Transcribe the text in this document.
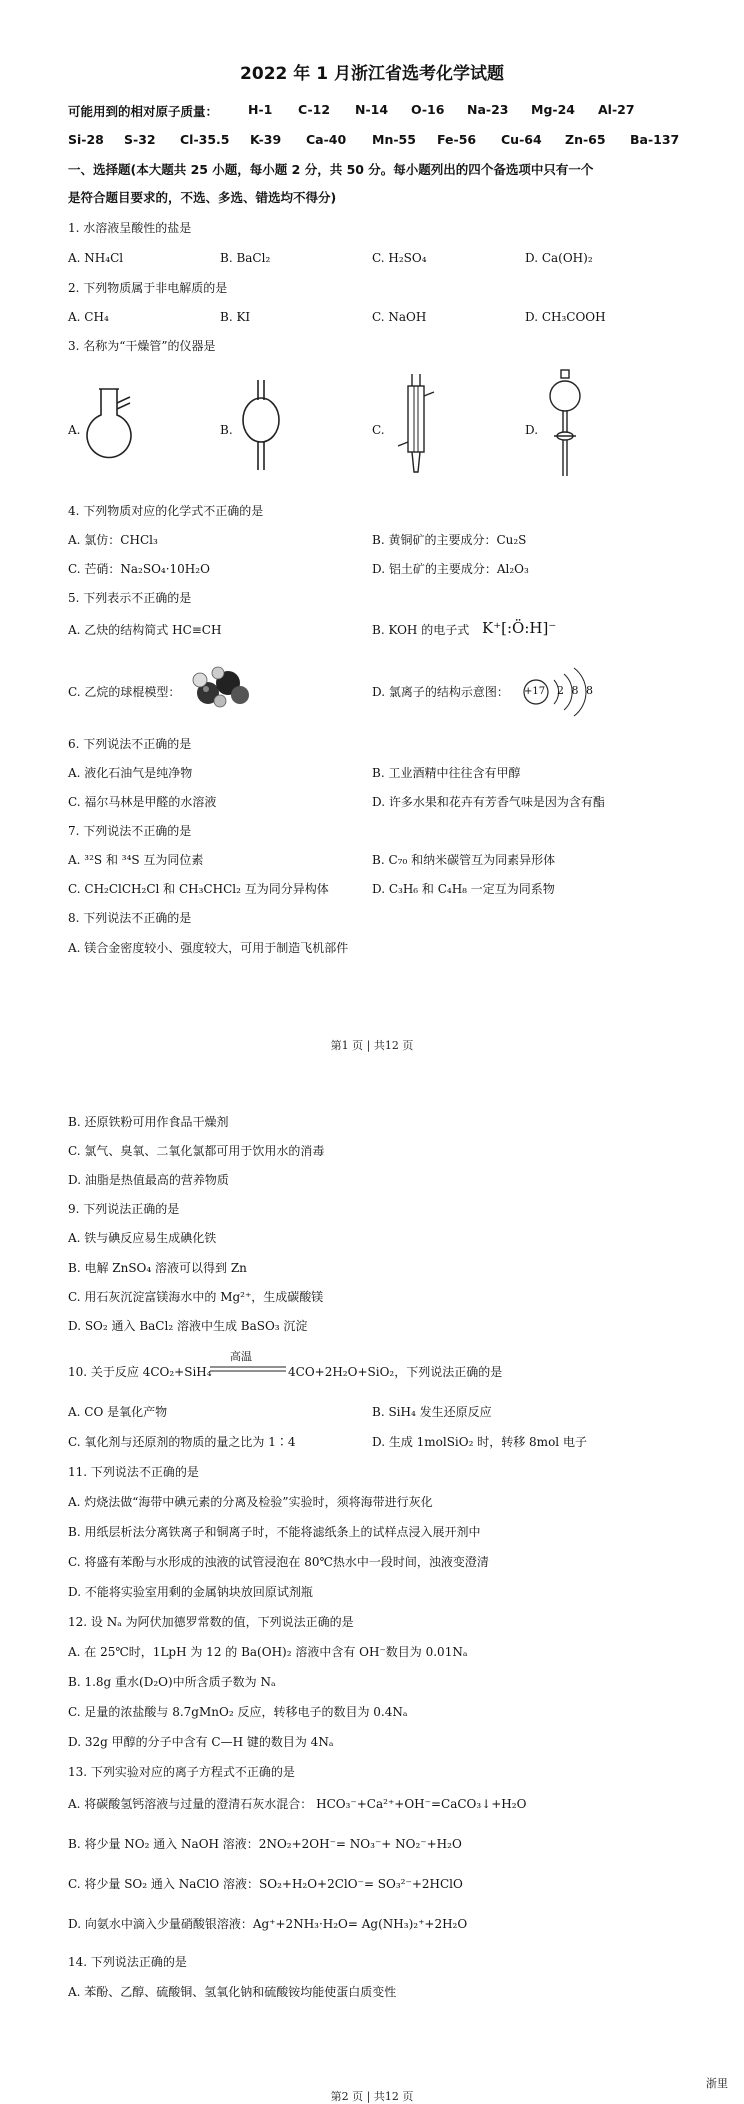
2022 年 1 月浙江省选考化学试题
可能用到的相对原子质量： H-1 C-12 N-14 O-16 Na-23 Mg-24 Al-27
Si-28 S-32 Cl-35.5 K-39 Ca-40 Mn-55 Fe-56 Cu-64 Zn-65 Ba-137
一、选择题(本大题共 25 小题，每小题 2 分，共 50 分。每小题列出的四个备选项中只有一个
是符合题目要求的，不选、多选、错选均不得分)
1. 水溶液呈酸性的盐是
A. NH₄Cl	B. BaCl₂	C. H₂SO₄	D. Ca(OH)₂
2. 下列物质属于非电解质的是
A. CH₄	B. KI	C. NaOH	D. CH₃COOH
3. 名称为“干燥管”的仪器是
A.	B.	C.	D.
4. 下列物质对应的化学式不正确的是
A. 氯仿：CHCl₃	B. 黄铜矿的主要成分：Cu₂S
C. 芒硝：Na₂SO₄·10H₂O	D. 铝土矿的主要成分：Al₂O₃
5. 下列表示不正确的是
A. 乙炔的结构简式 HC≡CH	B. KOH 的电子式 K⁺[:Ö:H]⁻
C. 乙烷的球棍模型：	D. 氯离子的结构示意图： +17 2 8 8
6. 下列说法不正确的是
A. 液化石油气是纯净物	B. 工业酒精中往往含有甲醇
C. 福尔马林是甲醛的水溶液	D. 许多水果和花卉有芳香气味是因为含有酯
7. 下列说法不正确的是
A. ³²S 和 ³⁴S 互为同位素	B. C₇₀ 和纳米碳管互为同素异形体
C. CH₂ClCH₂Cl 和 CH₃CHCl₂ 互为同分异构体	D. C₃H₆ 和 C₄H₈ 一定互为同系物
8. 下列说法不正确的是
A. 镁合金密度较小、强度较大，可用于制造飞机部件
第1 页 | 共12 页
B. 还原铁粉可用作食品干燥剂
C. 氯气、臭氧、二氧化氯都可用于饮用水的消毒
D. 油脂是热值最高的营养物质
9. 下列说法正确的是
A. 铁与碘反应易生成碘化铁
B. 电解 ZnSO₄ 溶液可以得到 Zn
C. 用石灰沉淀富镁海水中的 Mg²⁺，生成碳酸镁
D. SO₂ 通入 BaCl₂ 溶液中生成 BaSO₃ 沉淀
10. 关于反应 4CO₂+SiH₄
高温
4CO+2H₂O+SiO₂，下列说法正确的是
A. CO 是氧化产物	B. SiH₄ 发生还原反应
C. 氧化剂与还原剂的物质的量之比为 1∶4	D. 生成 1molSiO₂ 时，转移 8mol 电子
11. 下列说法不正确的是
A. 灼烧法做“海带中碘元素的分离及检验”实验时，须将海带进行灰化
B. 用纸层析法分离铁离子和铜离子时，不能将滤纸条上的试样点浸入展开剂中
C. 将盛有苯酚与水形成的浊液的试管浸泡在 80℃热水中一段时间，浊液变澄清
D. 不能将实验室用剩的金属钠块放回原试剂瓶
12. 设 Nₐ 为阿伏加德罗常数的值，下列说法正确的是
A. 在 25℃时，1LpH 为 12 的 Ba(OH)₂ 溶液中含有 OH⁻数目为 0.01Nₐ
B. 1.8g 重水(D₂O)中所含质子数为 Nₐ
C. 足量的浓盐酸与 8.7gMnO₂ 反应，转移电子的数目为 0.4Nₐ
D. 32g 甲醇的分子中含有 C—H 键的数目为 4Nₐ
13. 下列实验对应的离子方程式不正确的是
A. 将碳酸氢钙溶液与过量的澄清石灰水混合： HCO₃⁻+Ca²⁺+OH⁻=CaCO₃↓+H₂O
B. 将少量 NO₂ 通入 NaOH 溶液：2NO₂+2OH⁻= NO₃⁻+ NO₂⁻+H₂O
C. 将少量 SO₂ 通入 NaClO 溶液：SO₂+H₂O+2ClO⁻= SO₃²⁻+2HClO
D. 向氨水中滴入少量硝酸银溶液：Ag⁺+2NH₃·H₂O= Ag(NH₃)₂⁺+2H₂O
14. 下列说法正确的是
A. 苯酚、乙醇、硫酸铜、氢氧化钠和硫酸铵均能使蛋白质变性
浙里
第2 页 | 共12 页
